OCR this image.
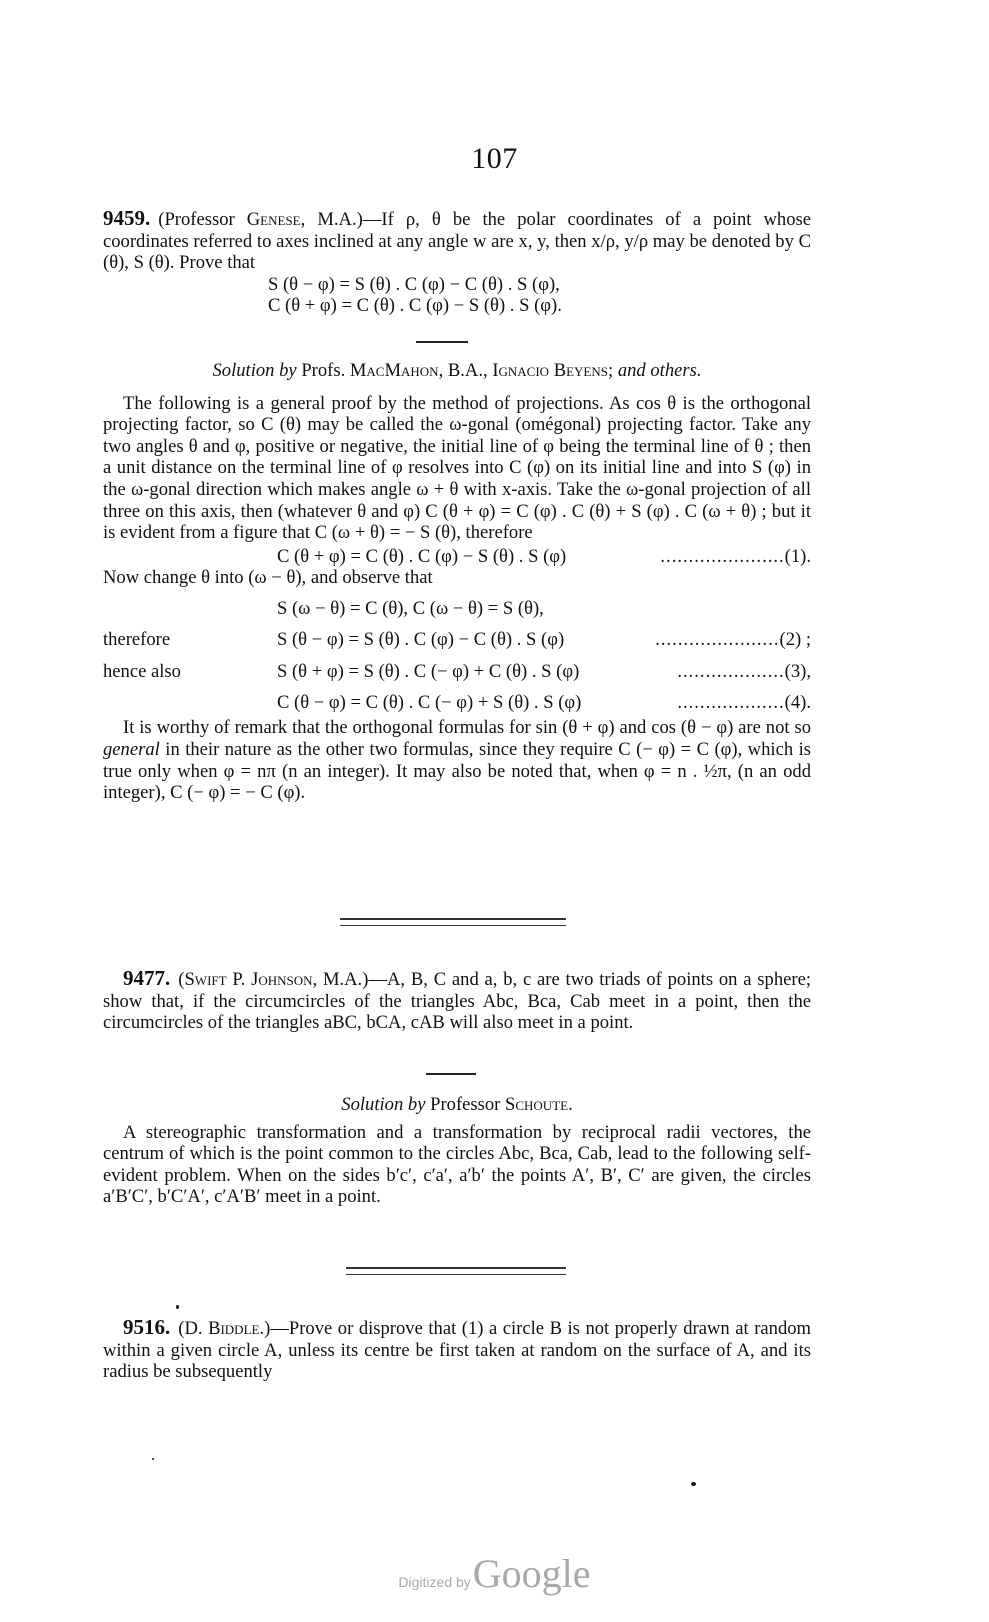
107

9459. (Professor Genese, M.A.)—If ρ, θ be the polar coordinates of a point whose coordinates referred to axes inclined at any angle w are x, y, then x/ρ, y/ρ may be denoted by C (θ), S (θ). Prove that

S (θ − φ) = S (θ) . C (φ) − C (θ) . S (φ),
C (θ + φ) = C (θ) . C (φ) − S (θ) . S (φ).

Solution by Profs. MacMahon, B.A., Ignacio Beyens; and others.

The following is a general proof by the method of projections. As cos θ is the orthogonal projecting factor, so C (θ) may be called the ω-gonal (omégonal) projecting factor. Take any two angles θ and φ, positive or negative, the initial line of φ being the terminal line of θ ; then a unit distance on the terminal line of φ resolves into C (φ) on its initial line and into S (φ) in the ω-gonal direction which makes angle ω + θ with x-axis. Take the ω-gonal projection of all three on this axis, then (whatever θ and φ) C (θ + φ) = C (φ) . C (θ) + S (φ) . C (ω + θ) ; but it is evident from a figure that C (ω + θ) = − S (θ), therefore

C (θ + φ) = C (θ) . C (φ) − S (θ) . S (φ)	......................(1).

Now change θ into (ω − θ), and observe that

S (ω − θ) = C (θ), C (ω − θ) = S (θ),
therefore	S (θ − φ) = S (θ) . C (φ) − C (θ) . S (φ)	......................(2) ;
hence also	S (θ + φ) = S (θ) . C (− φ) + C (θ) . S (φ)	...................(3),
C (θ − φ) = C (θ) . C (− φ) + S (θ) . S (φ)	...................(4).

It is worthy of remark that the orthogonal formulas for sin (θ + φ) and cos (θ − φ) are not so general in their nature as the other two formulas, since they require C (− φ) = C (φ), which is true only when φ = nπ (n an integer). It may also be noted that, when φ = n . ½π, (n an odd integer), C (− φ) = − C (φ).

9477. (Swift P. Johnson, M.A.)—A, B, C and a, b, c are two triads of points on a sphere; show that, if the circumcircles of the triangles Abc, Bca, Cab meet in a point, then the circumcircles of the triangles aBC, bCA, cAB will also meet in a point.

Solution by Professor Schoute.

A stereographic transformation and a transformation by reciprocal radii vectores, the centrum of which is the point common to the circles Abc, Bca, Cab, lead to the following self-evident problem. When on the sides b′c′, c′a′, a′b′ the points A′, B′, C′ are given, the circles a′B′C′, b′C′A′, c′A′B′ meet in a point.

9516. (D. Biddle.)—Prove or disprove that (1) a circle B is not properly drawn at random within a given circle A, unless its centre be first taken at random on the surface of A, and its radius be subsequently

Digitized byGoogle
